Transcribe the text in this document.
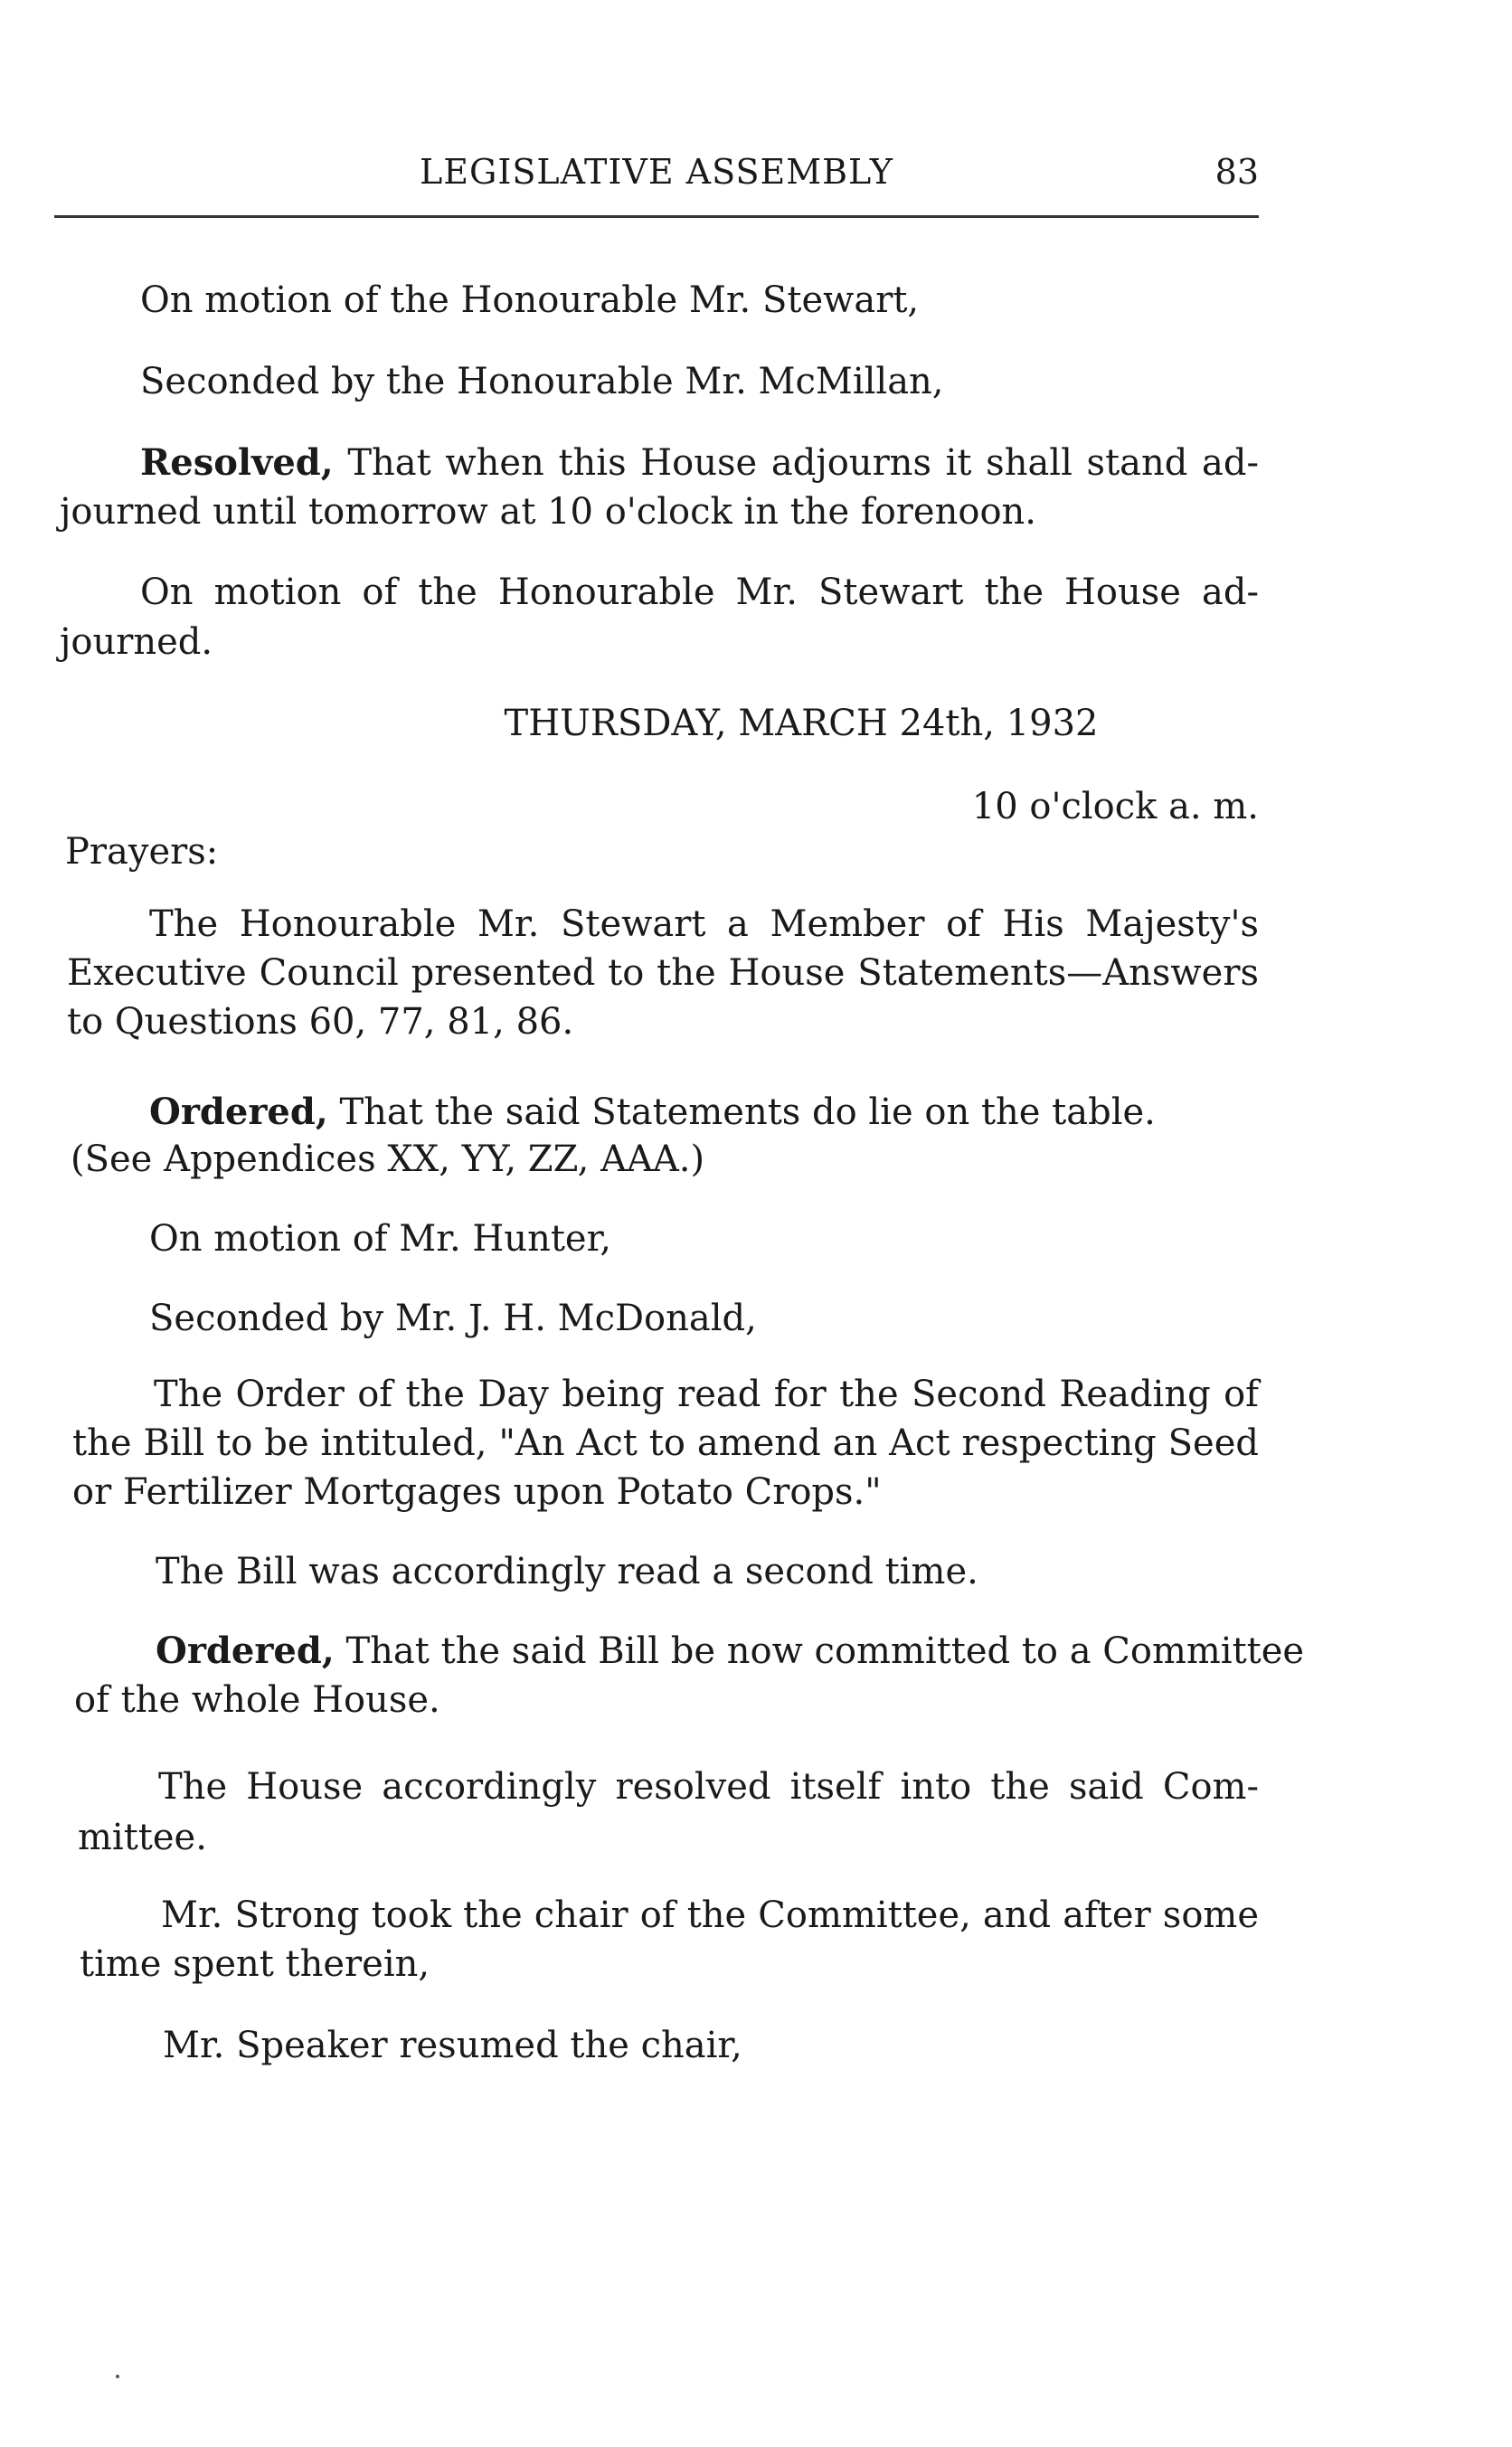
LEGISLATIVE ASSEMBLY	83
On motion of the Honourable Mr. Stewart,
Seconded by the Honourable Mr. McMillan,
Resolved, That when this House adjourns it shall stand ad-
journed until tomorrow at 10 o'clock in the forenoon.
On motion of the Honourable Mr. Stewart the House ad-
journed.
THURSDAY, MARCH 24th, 1932
10 o'clock a. m.
Prayers:
The Honourable Mr. Stewart a Member of His Majesty's
Executive Council presented to the House Statements—Answers
to Questions 60, 77, 81, 86.
Ordered, That the said Statements do lie on the table.
(See Appendices XX, YY, ZZ, AAA.)
On motion of Mr. Hunter,
Seconded by Mr. J. H. McDonald,
The Order of the Day being read for the Second Reading of
the Bill to be intituled, "An Act to amend an Act respecting Seed
or Fertilizer Mortgages upon Potato Crops."
The Bill was accordingly read a second time.
Ordered, That the said Bill be now committed to a Committee
of the whole House.
The House accordingly resolved itself into the said Com-
mittee.
Mr. Strong took the chair of the Committee, and after some
time spent therein,
Mr. Speaker resumed the chair,
